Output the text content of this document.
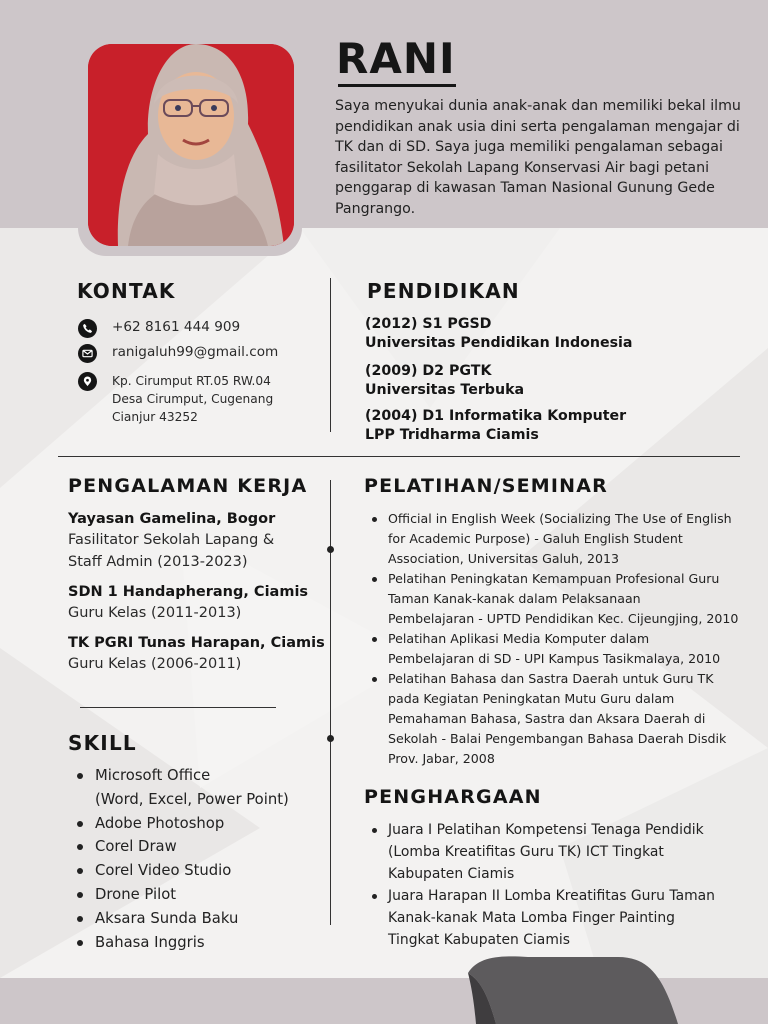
RANI

Saya menyukai dunia anak-anak dan memiliki bekal ilmu pendidikan anak usia dini serta pengalaman mengajar di TK dan di SD. Saya juga memiliki pengalaman sebagai fasilitator Sekolah Lapang Konservasi Air bagi petani penggarap di kawasan Taman Nasional Gunung Gede Pangrango.

KONTAK
+62 8161 444 909
ranigaluh99@gmail.com
Kp. Cirumput RT.05 RW.04
Desa Cirumput, Cugenang
Cianjur 43252
PENDIDIKAN
(2012) S1 PGSD
Universitas Pendidikan Indonesia
(2009) D2 PGTK
Universitas Terbuka
(2004) D1 Informatika Komputer
LPP Tridharma Ciamis
PENGALAMAN KERJA
Yayasan Gamelina, Bogor
Fasilitator Sekolah Lapang &
Staff Admin (2013-2023)
SDN 1 Handapherang, Ciamis
Guru Kelas (2011-2013)
TK PGRI Tunas Harapan, Ciamis
Guru Kelas (2006-2011)
SKILL
Microsoft Office
(Word, Excel, Power Point)
Adobe Photoshop
Corel Draw
Corel Video Studio
Drone Pilot
Aksara Sunda Baku
Bahasa Inggris
PELATIHAN/SEMINAR
Official in English Week (Socializing The Use of English
for Academic Purpose) - Galuh English Student
Association, Universitas Galuh, 2013
Pelatihan Peningkatan Kemampuan Profesional Guru
Taman Kanak-kanak dalam Pelaksanaan
Pembelajaran - UPTD Pendidikan Kec. Cijeungjing, 2010
Pelatihan Aplikasi Media Komputer dalam
Pembelajaran di SD - UPI Kampus Tasikmalaya, 2010
Pelatihan Bahasa dan Sastra Daerah untuk Guru TK
pada Kegiatan Peningkatan Mutu Guru dalam
Pemahaman Bahasa, Sastra dan Aksara Daerah di
Sekolah - Balai Pengembangan Bahasa Daerah Disdik
Prov. Jabar, 2008
PENGHARGAAN
Juara I Pelatihan Kompetensi Tenaga Pendidik
(Lomba Kreatifitas Guru TK) ICT Tingkat
Kabupaten Ciamis
Juara Harapan II Lomba Kreatifitas Guru Taman
Kanak-kanak Mata Lomba Finger Painting
Tingkat Kabupaten Ciamis
